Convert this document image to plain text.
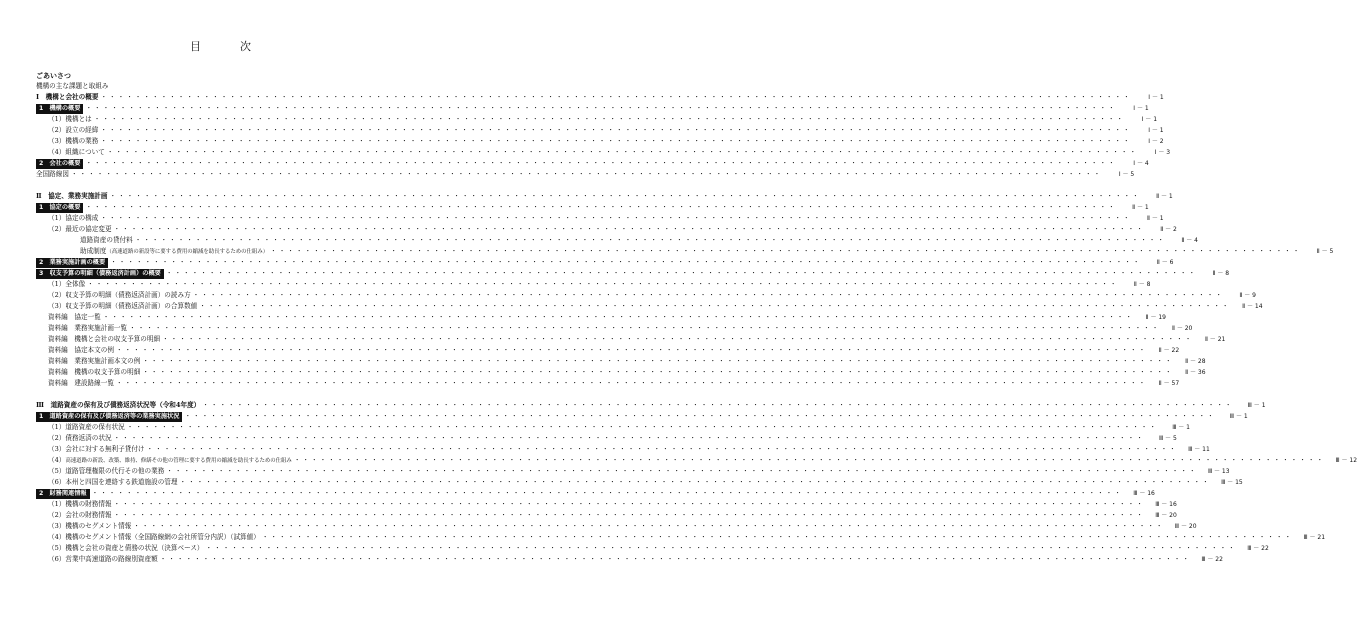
目　次
ごあいさつ
機構の主な課題と取組み
Ⅰ　機構と会社の概要 ・・・・・・・・・・・・・・・・・・・・・・・・・・・・・・・・・・・・・・・・・・・・・・・・・・・・・・・・・・・・・・・・・・・・・・・・・・・・・・・・・・・・・・・・・・・・・・・・・・・・・・・・・・・・・・・・・・・・・・・・	Ⅰ － 1
1　機構の概要 ・・・・・・・・・・・・・・・・・・・・・・・・・・・・・・・・・・・・・・・・・・・・・・・・・・・・・・・・・・・・・・・・・・・・・・・・・・・・・・・・・・・・・・・・・・・・・・・・・・・・・・・・・・・・・・・・・・・・・・・・	Ⅰ － 1
（1）機構とは ・・・・・・・・・・・・・・・・・・・・・・・・・・・・・・・・・・・・・・・・・・・・・・・・・・・・・・・・・・・・・・・・・・・・・・・・・・・・・・・・・・・・・・・・・・・・・・・・・・・・・・・・・・・・・・・・・・・・・・・・	Ⅰ － 1
（2）設立の経緯 ・・・・・・・・・・・・・・・・・・・・・・・・・・・・・・・・・・・・・・・・・・・・・・・・・・・・・・・・・・・・・・・・・・・・・・・・・・・・・・・・・・・・・・・・・・・・・・・・・・・・・・・・・・・・・・・・・・・・・・・・	Ⅰ － 1
（3）機構の業務 ・・・・・・・・・・・・・・・・・・・・・・・・・・・・・・・・・・・・・・・・・・・・・・・・・・・・・・・・・・・・・・・・・・・・・・・・・・・・・・・・・・・・・・・・・・・・・・・・・・・・・・・・・・・・・・・・・・・・・・・・	Ⅰ － 2
（4）組織について ・・・・・・・・・・・・・・・・・・・・・・・・・・・・・・・・・・・・・・・・・・・・・・・・・・・・・・・・・・・・・・・・・・・・・・・・・・・・・・・・・・・・・・・・・・・・・・・・・・・・・・・・・・・・・・・・・・・・・・・・	Ⅰ － 3
2　会社の概要 ・・・・・・・・・・・・・・・・・・・・・・・・・・・・・・・・・・・・・・・・・・・・・・・・・・・・・・・・・・・・・・・・・・・・・・・・・・・・・・・・・・・・・・・・・・・・・・・・・・・・・・・・・・・・・・・・・・・・・・・・	Ⅰ － 4
全国路線図 ・・・・・・・・・・・・・・・・・・・・・・・・・・・・・・・・・・・・・・・・・・・・・・・・・・・・・・・・・・・・・・・・・・・・・・・・・・・・・・・・・・・・・・・・・・・・・・・・・・・・・・・・・・・・・・・・・・・・・・・・	Ⅰ － 5
Ⅱ　協定、業務実施計画 ・・・・・・・・・・・・・・・・・・・・・・・・・・・・・・・・・・・・・・・・・・・・・・・・・・・・・・・・・・・・・・・・・・・・・・・・・・・・・・・・・・・・・・・・・・・・・・・・・・・・・・・・・・・・・・・・・・・・・・・・	Ⅱ － 1
1　協定の概要 ・・・・・・・・・・・・・・・・・・・・・・・・・・・・・・・・・・・・・・・・・・・・・・・・・・・・・・・・・・・・・・・・・・・・・・・・・・・・・・・・・・・・・・・・・・・・・・・・・・・・・・・・・・・・・・・・・・・・・・・・	Ⅱ － 1
（1）協定の構成 ・・・・・・・・・・・・・・・・・・・・・・・・・・・・・・・・・・・・・・・・・・・・・・・・・・・・・・・・・・・・・・・・・・・・・・・・・・・・・・・・・・・・・・・・・・・・・・・・・・・・・・・・・・・・・・・・・・・・・・・・	Ⅱ － 1
（2）最近の協定変更 ・・・・・・・・・・・・・・・・・・・・・・・・・・・・・・・・・・・・・・・・・・・・・・・・・・・・・・・・・・・・・・・・・・・・・・・・・・・・・・・・・・・・・・・・・・・・・・・・・・・・・・・・・・・・・・・・・・・・・・・・	Ⅱ － 2
道路資産の貸付料 ・・・・・・・・・・・・・・・・・・・・・・・・・・・・・・・・・・・・・・・・・・・・・・・・・・・・・・・・・・・・・・・・・・・・・・・・・・・・・・・・・・・・・・・・・・・・・・・・・・・・・・・・・・・・・・・・・・・・・・・・	Ⅱ － 4
助成制度 （高速道路の新設等に要する費用の縮減を助長するための仕組み） ・・・・・・・・・・・・・・・・・・・・・・・・・・・・・・・・・・・・・・・・・・・・・・・・・・・・・・・・・・・・・・・・・・・・・・・・・・・・・・・・・・・・・・・・・・・・・・・・・・・・・・・・・・・・・・・・・・・・・・・・	Ⅱ － 5
2　業務実施計画の概要 ・・・・・・・・・・・・・・・・・・・・・・・・・・・・・・・・・・・・・・・・・・・・・・・・・・・・・・・・・・・・・・・・・・・・・・・・・・・・・・・・・・・・・・・・・・・・・・・・・・・・・・・・・・・・・・・・・・・・・・・・	Ⅱ － 6
3　収支予算の明細（債務返済計画）の概要 ・・・・・・・・・・・・・・・・・・・・・・・・・・・・・・・・・・・・・・・・・・・・・・・・・・・・・・・・・・・・・・・・・・・・・・・・・・・・・・・・・・・・・・・・・・・・・・・・・・・・・・・・・・・・・・・・・・・・・・・・	Ⅱ － 8
（1）全体像 ・・・・・・・・・・・・・・・・・・・・・・・・・・・・・・・・・・・・・・・・・・・・・・・・・・・・・・・・・・・・・・・・・・・・・・・・・・・・・・・・・・・・・・・・・・・・・・・・・・・・・・・・・・・・・・・・・・・・・・・・	Ⅱ － 8
（2）収支予算の明細（債務返済計画）の読み方 ・・・・・・・・・・・・・・・・・・・・・・・・・・・・・・・・・・・・・・・・・・・・・・・・・・・・・・・・・・・・・・・・・・・・・・・・・・・・・・・・・・・・・・・・・・・・・・・・・・・・・・・・・・・・・・・・・・・・・・・・	Ⅱ － 9
（3）収支予算の明細（債務返済計画）の合算数値 ・・・・・・・・・・・・・・・・・・・・・・・・・・・・・・・・・・・・・・・・・・・・・・・・・・・・・・・・・・・・・・・・・・・・・・・・・・・・・・・・・・・・・・・・・・・・・・・・・・・・・・・・・・・・・・・・・・・・・・・・	Ⅱ － 14
資料編　協定一覧 ・・・・・・・・・・・・・・・・・・・・・・・・・・・・・・・・・・・・・・・・・・・・・・・・・・・・・・・・・・・・・・・・・・・・・・・・・・・・・・・・・・・・・・・・・・・・・・・・・・・・・・・・・・・・・・・・・・・・・・・・	Ⅱ － 19
資料編　業務実施計画一覧 ・・・・・・・・・・・・・・・・・・・・・・・・・・・・・・・・・・・・・・・・・・・・・・・・・・・・・・・・・・・・・・・・・・・・・・・・・・・・・・・・・・・・・・・・・・・・・・・・・・・・・・・・・・・・・・・・・・・・・・・・	Ⅱ － 20
資料編　機構と会社の収支予算の明細 ・・・・・・・・・・・・・・・・・・・・・・・・・・・・・・・・・・・・・・・・・・・・・・・・・・・・・・・・・・・・・・・・・・・・・・・・・・・・・・・・・・・・・・・・・・・・・・・・・・・・・・・・・・・・・・・・・・・・・・・・	Ⅱ － 21
資料編　協定本文の例 ・・・・・・・・・・・・・・・・・・・・・・・・・・・・・・・・・・・・・・・・・・・・・・・・・・・・・・・・・・・・・・・・・・・・・・・・・・・・・・・・・・・・・・・・・・・・・・・・・・・・・・・・・・・・・・・・・・・・・・・・	Ⅱ － 22
資料編　業務実施計画本文の例 ・・・・・・・・・・・・・・・・・・・・・・・・・・・・・・・・・・・・・・・・・・・・・・・・・・・・・・・・・・・・・・・・・・・・・・・・・・・・・・・・・・・・・・・・・・・・・・・・・・・・・・・・・・・・・・・・・・・・・・・・	Ⅱ － 28
資料編　機構の収支予算の明細 ・・・・・・・・・・・・・・・・・・・・・・・・・・・・・・・・・・・・・・・・・・・・・・・・・・・・・・・・・・・・・・・・・・・・・・・・・・・・・・・・・・・・・・・・・・・・・・・・・・・・・・・・・・・・・・・・・・・・・・・・	Ⅱ － 36
資料編　建設路線一覧 ・・・・・・・・・・・・・・・・・・・・・・・・・・・・・・・・・・・・・・・・・・・・・・・・・・・・・・・・・・・・・・・・・・・・・・・・・・・・・・・・・・・・・・・・・・・・・・・・・・・・・・・・・・・・・・・・・・・・・・・・	Ⅱ － 57
Ⅲ　道路資産の保有及び債務返済状況等（令和4年度） ・・・・・・・・・・・・・・・・・・・・・・・・・・・・・・・・・・・・・・・・・・・・・・・・・・・・・・・・・・・・・・・・・・・・・・・・・・・・・・・・・・・・・・・・・・・・・・・・・・・・・・・・・・・・・・・・・・・・・・・・	Ⅲ － 1
1　道路資産の保有及び債務返済等の業務実施状況 ・・・・・・・・・・・・・・・・・・・・・・・・・・・・・・・・・・・・・・・・・・・・・・・・・・・・・・・・・・・・・・・・・・・・・・・・・・・・・・・・・・・・・・・・・・・・・・・・・・・・・・・・・・・・・・・・・・・・・・・・	Ⅲ － 1
（1）道路資産の保有状況 ・・・・・・・・・・・・・・・・・・・・・・・・・・・・・・・・・・・・・・・・・・・・・・・・・・・・・・・・・・・・・・・・・・・・・・・・・・・・・・・・・・・・・・・・・・・・・・・・・・・・・・・・・・・・・・・・・・・・・・・・	Ⅲ － 1
（2）債務返済の状況 ・・・・・・・・・・・・・・・・・・・・・・・・・・・・・・・・・・・・・・・・・・・・・・・・・・・・・・・・・・・・・・・・・・・・・・・・・・・・・・・・・・・・・・・・・・・・・・・・・・・・・・・・・・・・・・・・・・・・・・・・	Ⅲ － 5
（3）会社に対する無利子貸付け ・・・・・・・・・・・・・・・・・・・・・・・・・・・・・・・・・・・・・・・・・・・・・・・・・・・・・・・・・・・・・・・・・・・・・・・・・・・・・・・・・・・・・・・・・・・・・・・・・・・・・・・・・・・・・・・・・・・・・・・・	Ⅲ － 11
（4） 高速道路の新設、改築、維持、修繕その他の管理に要する費用の縮減を助長するための仕組み ・・・・・・・・・・・・・・・・・・・・・・・・・・・・・・・・・・・・・・・・・・・・・・・・・・・・・・・・・・・・・・・・・・・・・・・・・・・・・・・・・・・・・・・・・・・・・・・・・・・・・・・・・・・・・・・・・・・・・・・・	Ⅲ － 12
（5）道路管理権限の代行その他の業務 ・・・・・・・・・・・・・・・・・・・・・・・・・・・・・・・・・・・・・・・・・・・・・・・・・・・・・・・・・・・・・・・・・・・・・・・・・・・・・・・・・・・・・・・・・・・・・・・・・・・・・・・・・・・・・・・・・・・・・・・・	Ⅲ － 13
（6）本州と四国を連絡する鉄道施設の管理 ・・・・・・・・・・・・・・・・・・・・・・・・・・・・・・・・・・・・・・・・・・・・・・・・・・・・・・・・・・・・・・・・・・・・・・・・・・・・・・・・・・・・・・・・・・・・・・・・・・・・・・・・・・・・・・・・・・・・・・・・	Ⅲ － 15
2　財務関連情報 ・・・・・・・・・・・・・・・・・・・・・・・・・・・・・・・・・・・・・・・・・・・・・・・・・・・・・・・・・・・・・・・・・・・・・・・・・・・・・・・・・・・・・・・・・・・・・・・・・・・・・・・・・・・・・・・・・・・・・・・・	Ⅲ － 16
（1）機構の財務情報 ・・・・・・・・・・・・・・・・・・・・・・・・・・・・・・・・・・・・・・・・・・・・・・・・・・・・・・・・・・・・・・・・・・・・・・・・・・・・・・・・・・・・・・・・・・・・・・・・・・・・・・・・・・・・・・・・・・・・・・・・	Ⅲ － 16
（2）会社の財務情報 ・・・・・・・・・・・・・・・・・・・・・・・・・・・・・・・・・・・・・・・・・・・・・・・・・・・・・・・・・・・・・・・・・・・・・・・・・・・・・・・・・・・・・・・・・・・・・・・・・・・・・・・・・・・・・・・・・・・・・・・・	Ⅲ － 20
（3）機構のセグメント情報 ・・・・・・・・・・・・・・・・・・・・・・・・・・・・・・・・・・・・・・・・・・・・・・・・・・・・・・・・・・・・・・・・・・・・・・・・・・・・・・・・・・・・・・・・・・・・・・・・・・・・・・・・・・・・・・・・・・・・・・・・	Ⅲ － 20
（4）機構のセグメント情報（全国路線網の会社所管分内訳）（試算値） ・・・・・・・・・・・・・・・・・・・・・・・・・・・・・・・・・・・・・・・・・・・・・・・・・・・・・・・・・・・・・・・・・・・・・・・・・・・・・・・・・・・・・・・・・・・・・・・・・・・・・・・・・・・・・・・・・・・・・・・・	Ⅲ － 21
（5）機構と会社の資産と債務の状況（決算ベース） ・・・・・・・・・・・・・・・・・・・・・・・・・・・・・・・・・・・・・・・・・・・・・・・・・・・・・・・・・・・・・・・・・・・・・・・・・・・・・・・・・・・・・・・・・・・・・・・・・・・・・・・・・・・・・・・・・・・・・・・・	Ⅲ － 22
（6）営業中高速道路の路線別資産額 ・・・・・・・・・・・・・・・・・・・・・・・・・・・・・・・・・・・・・・・・・・・・・・・・・・・・・・・・・・・・・・・・・・・・・・・・・・・・・・・・・・・・・・・・・・・・・・・・・・・・・・・・・・・・・・・・・・・・・・・・	Ⅲ － 22
